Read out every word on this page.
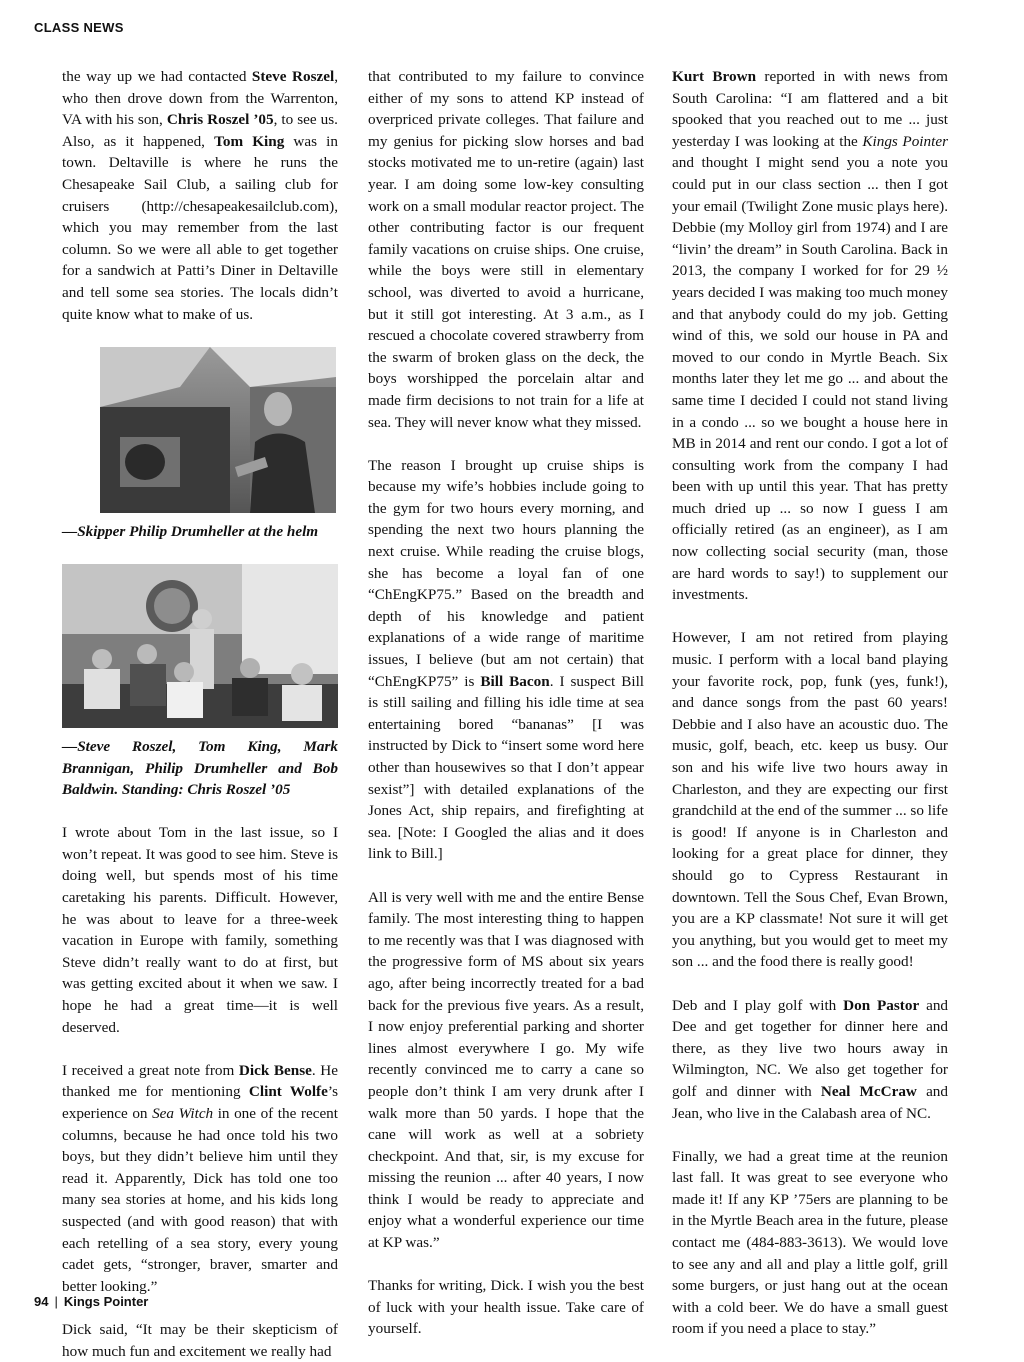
CLASS NEWS

the way up we had contacted Steve Roszel, who then drove down from the Warrenton, VA with his son, Chris Roszel ’05, to see us. Also, as it happened, Tom King was in town. Deltaville is where he runs the Chesapeake Sail Club, a sailing club for cruisers (http://chesapeakesailclub.com), which you may remember from the last column. So we were all able to get together for a sandwich at Patti’s Diner in Deltaville and tell some sea stories. The locals didn’t quite know what to make of us.

—Skipper Philip Drumheller at the helm
—Steve Roszel, Tom King, Mark Brannigan, Philip Drumheller and Bob Baldwin. Standing: Chris Roszel ’05

I wrote about Tom in the last issue, so I won’t repeat. It was good to see him. Steve is doing well, but spends most of his time caretaking his parents. Difficult. However, he was about to leave for a three-week vacation in Europe with family, something Steve didn’t really want to do at first, but was getting excited about it when we saw. I hope he had a great time—it is well deserved.

I received a great note from Dick Bense. He thanked me for mentioning Clint Wolfe’s experience on Sea Witch in one of the recent columns, because he had once told his two boys, but they didn’t believe him until they read it. Apparently, Dick has told one too many sea stories at home, and his kids long suspected (and with good reason) that with each retelling of a sea story, every young cadet gets, “stronger, braver, smarter and better looking.”

Dick said, “It may be their skepticism of how much fun and excitement we really had

that contributed to my failure to convince either of my sons to attend KP instead of overpriced private colleges. That failure and my genius for picking slow horses and bad stocks motivated me to un-retire (again) last year. I am doing some low-key consulting work on a small modular reactor project. The other contributing factor is our frequent family vacations on cruise ships. One cruise, while the boys were still in elementary school, was diverted to avoid a hurricane, but it still got interesting. At 3 a.m., as I rescued a chocolate covered strawberry from the swarm of broken glass on the deck, the boys worshipped the porcelain altar and made firm decisions to not train for a life at sea. They will never know what they missed.

The reason I brought up cruise ships is because my wife’s hobbies include going to the gym for two hours every morning, and spending the next two hours planning the next cruise. While reading the cruise blogs, she has become a loyal fan of one “ChEngKP75.” Based on the breadth and depth of his knowledge and patient explanations of a wide range of maritime issues, I believe (but am not certain) that “ChEngKP75” is Bill Bacon. I suspect Bill is still sailing and filling his idle time at sea entertaining bored “bananas” [I was instructed by Dick to “insert some word here other than housewives so that I don’t appear sexist”] with detailed explanations of the Jones Act, ship repairs, and firefighting at sea. [Note: I Googled the alias and it does link to Bill.]

All is very well with me and the entire Bense family. The most interesting thing to happen to me recently was that I was diagnosed with the progressive form of MS about six years ago, after being incorrectly treated for a bad back for the previous five years. As a result, I now enjoy preferential parking and shorter lines almost everywhere I go. My wife recently convinced me to carry a cane so people don’t think I am very drunk after I walk more than 50 yards. I hope that the cane will work as well at a sobriety checkpoint. And that, sir, is my excuse for missing the reunion ... after 40 years, I now think I would be ready to appreciate and enjoy what a wonderful experience our time at KP was.”

Thanks for writing, Dick. I wish you the best of luck with your health issue. Take care of yourself.

Kurt Brown reported in with news from South Carolina: “I am flattered and a bit spooked that you reached out to me ... just yesterday I was looking at the Kings Pointer and thought I might send you a note you could put in our class section ... then I got your email (Twilight Zone music plays here). Debbie (my Molloy girl from 1974) and I are “livin’ the dream” in South Carolina. Back in 2013, the company I worked for for 29 ½ years decided I was making too much money and that anybody could do my job. Getting wind of this, we sold our house in PA and moved to our condo in Myrtle Beach. Six months later they let me go ... and about the same time I decided I could not stand living in a condo ... so we bought a house here in MB in 2014 and rent our condo. I got a lot of consulting work from the company I had been with up until this year. That has pretty much dried up ... so now I guess I am officially retired (as an engineer), as I am now collecting social security (man, those are hard words to say!) to supplement our investments.

However, I am not retired from playing music. I perform with a local band playing your favorite rock, pop, funk (yes, funk!), and dance songs from the past 60 years! Debbie and I also have an acoustic duo. The music, golf, beach, etc. keep us busy. Our son and his wife live two hours away in Charleston, and they are expecting our first grandchild at the end of the summer ... so life is good! If anyone is in Charleston and looking for a great place for dinner, they should go to Cypress Restaurant in downtown. Tell the Sous Chef, Evan Brown, you are a KP classmate! Not sure it will get you anything, but you would get to meet my son ... and the food there is really good!

Deb and I play golf with Don Pastor and Dee and get together for dinner here and there, as they live two hours away in Wilmington, NC. We also get together for golf and dinner with Neal McCraw and Jean, who live in the Calabash area of NC.

Finally, we had a great time at the reunion last fall. It was great to see everyone who made it! If any KP ’75ers are planning to be in the Myrtle Beach area in the future, please contact me (484-883-3613). We would love to see any and all and play a little golf, grill some burgers, or just hang out at the ocean with a cold beer. We do have a small guest room if you need a place to stay.”

94 | Kings Pointer
